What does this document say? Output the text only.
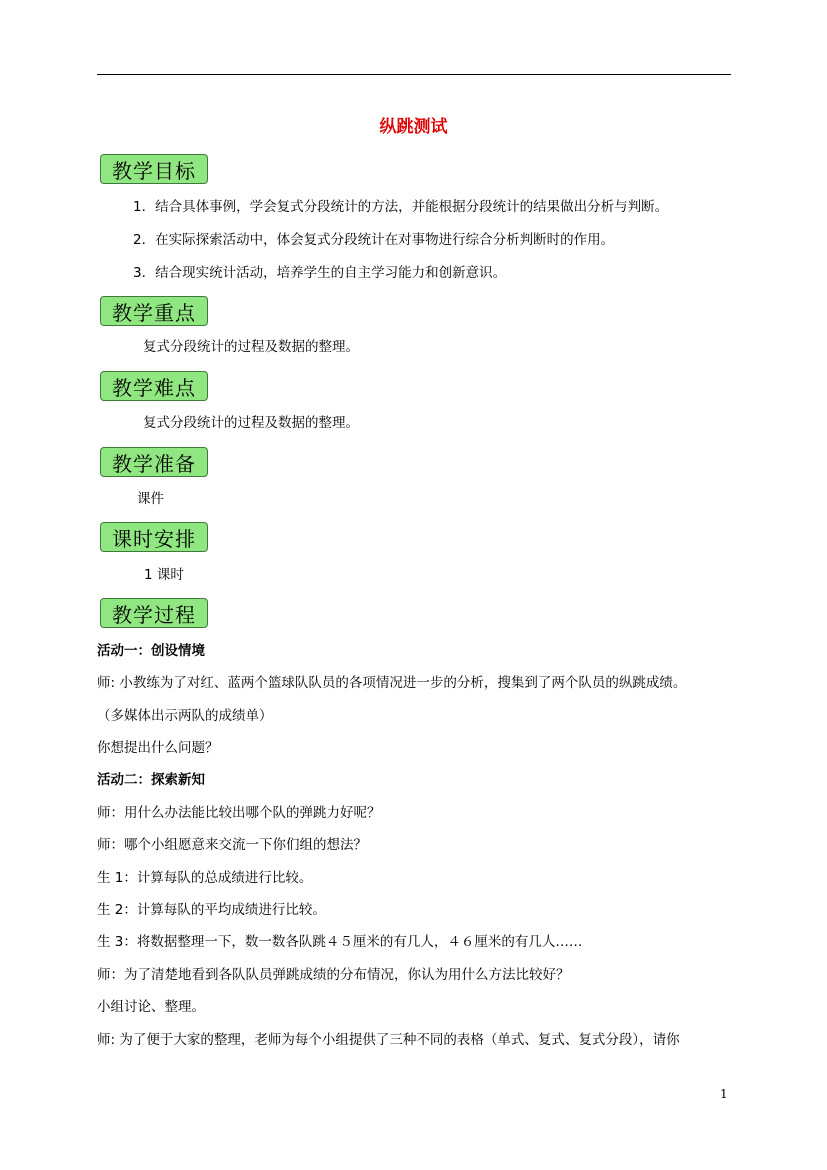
纵跳测试
教学目标
1．结合具体事例，学会复式分段统计的方法，并能根据分段统计的结果做出分析与判断。
2．在实际探索活动中，体会复式分段统计在对事物进行综合分析判断时的作用。
3．结合现实统计活动，培养学生的自主学习能力和创新意识。
教学重点
复式分段统计的过程及数据的整理。
教学难点
复式分段统计的过程及数据的整理。
教学准备
课件
课时安排
1 课时
教学过程
活动一：创设情境
师: 小教练为了对红、蓝两个篮球队队员的各项情况进一步的分析，搜集到了两个队员的纵跳成绩。
（多媒体出示两队的成绩单）
你想提出什么问题？
活动二：探索新知
师：用什么办法能比较出哪个队的弹跳力好呢？
师：哪个小组愿意来交流一下你们组的想法？
生 1：计算每队的总成绩进行比较。
生 2：计算每队的平均成绩进行比较。
生 3：将数据整理一下，数一数各队跳４５厘米的有几人，４６厘米的有几人……
师：为了清楚地看到各队队员弹跳成绩的分布情况，你认为用什么方法比较好？
小组讨论、整理。
师: 为了便于大家的整理，老师为每个小组提供了三种不同的表格（单式、复式、复式分段），请你
1
